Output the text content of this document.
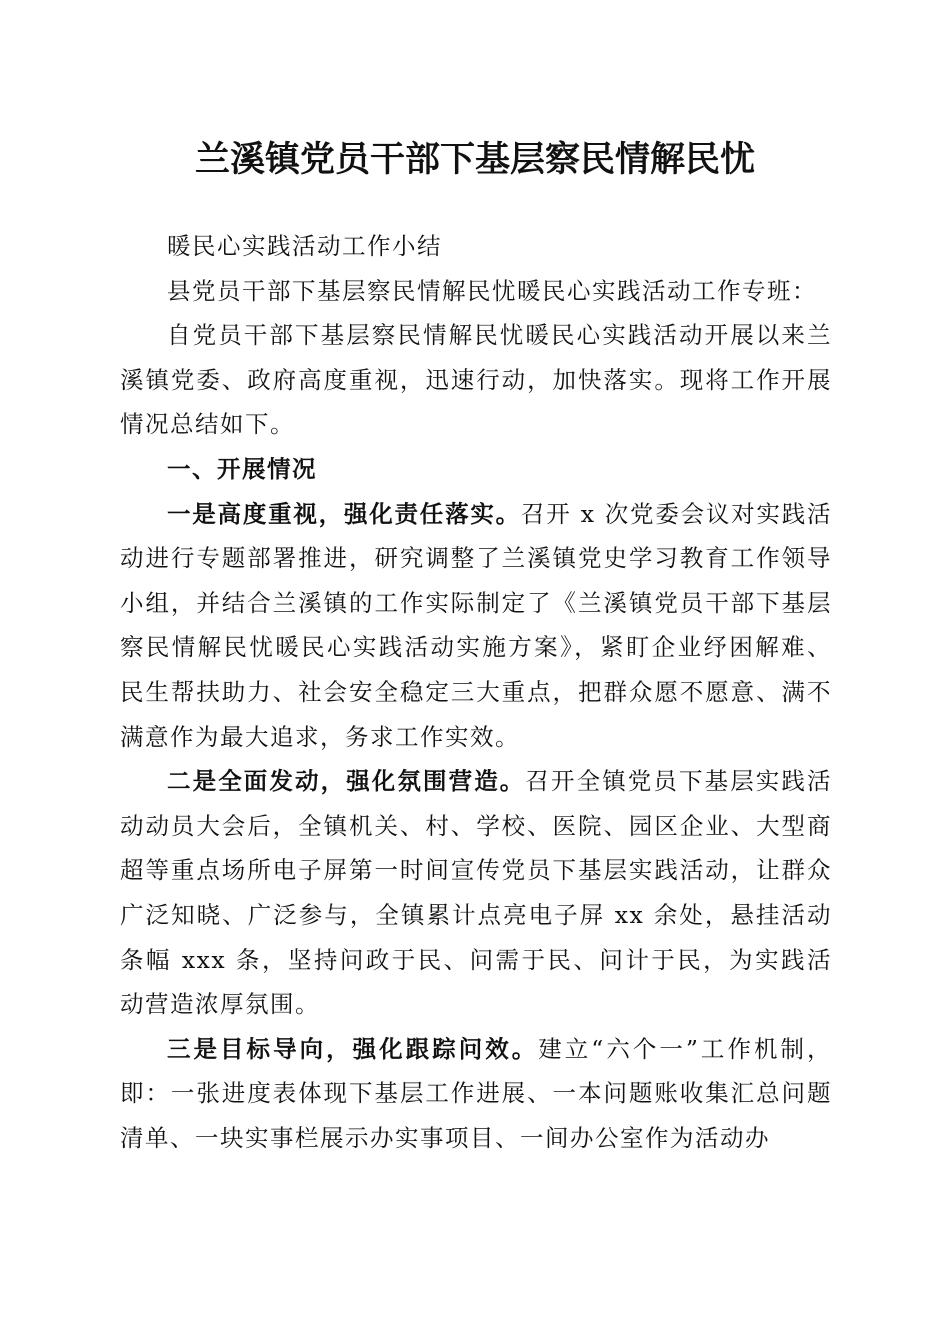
兰溪镇党员干部下基层察民情解民忧

暖民心实践活动工作小结

县党员干部下基层察民情解民忧暖民心实践活动工作专班：

自党员干部下基层察民情解民忧暖民心实践活动开展以来兰溪镇党委、政府高度重视，迅速行动，加快落实。现将工作开展情况总结如下。

一、开展情况

一是高度重视，强化责任落实。召开 x 次党委会议对实践活动进行专题部署推进，研究调整了兰溪镇党史学习教育工作领导小组，并结合兰溪镇的工作实际制定了《兰溪镇党员干部下基层察民情解民忧暖民心实践活动实施方案》，紧盯企业纾困解难、民生帮扶助力、社会安全稳定三大重点，把群众愿不愿意、满不满意作为最大追求，务求工作实效。

二是全面发动，强化氛围营造。召开全镇党员下基层实践活动动员大会后，全镇机关、村、学校、医院、园区企业、大型商超等重点场所电子屏第一时间宣传党员下基层实践活动，让群众广泛知晓、广泛参与，全镇累计点亮电子屏 xx 余处，悬挂活动条幅 xxx 条，坚持问政于民、问需于民、问计于民，为实践活动营造浓厚氛围。

三是目标导向，强化跟踪问效。建立“六个一”工作机制，即：一张进度表体现下基层工作进展、一本问题账收集汇总问题清单、一块实事栏展示办实事项目、一间办公室作为活动办
